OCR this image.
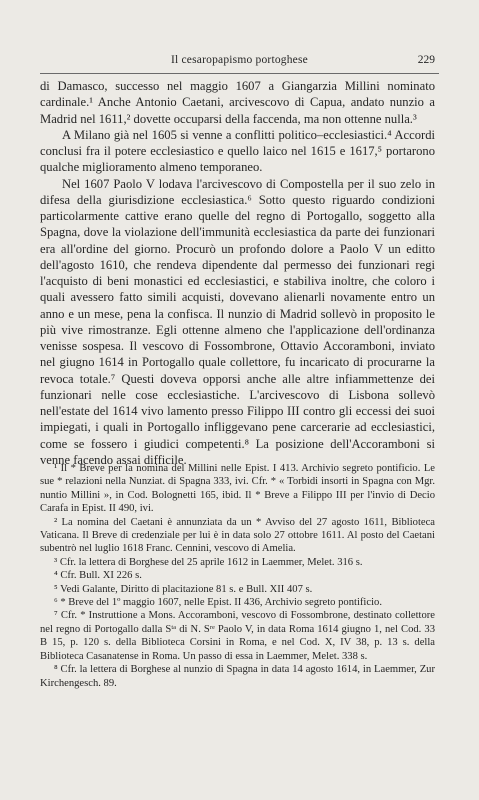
Il cesaropapismo portoghese	229

di Damasco, successo nel maggio 1607 a Giangarzia Millini nominato cardinale.¹ Anche Antonio Caetani, arcivescovo di Capua, andato nunzio a Madrid nel 1611,² dovette occuparsi della faccenda, ma non ottenne nulla.³

A Milano già nel 1605 si venne a conflitti politico–ecclesiastici.⁴ Accordi conclusi fra il potere ecclesiastico e quello laico nel 1615 e 1617,⁵ portarono qualche miglioramento almeno temporaneo.

Nel 1607 Paolo V lodava l'arcivescovo di Compostella per il suo zelo in difesa della giurisdizione ecclesiastica.⁶ Sotto questo riguardo condizioni particolarmente cattive erano quelle del regno di Portogallo, soggetto alla Spagna, dove la violazione dell'immunità ecclesiastica da parte dei funzionari era all'ordine del giorno. Procurò un profondo dolore a Paolo V un editto dell'agosto 1610, che rendeva dipendente dal permesso dei funzionari regi l'acquisto di beni monastici ed ecclesiastici, e stabiliva inoltre, che coloro i quali avessero fatto simili acquisti, dovevano alienarli novamente entro un anno e un mese, pena la confisca. Il nunzio di Madrid sollevò in proposito le più vive rimostranze. Egli ottenne almeno che l'applicazione dell'ordinanza venisse sospesa. Il vescovo di Fossombrone, Ottavio Accoramboni, inviato nel giugno 1614 in Portogallo quale collettore, fu incaricato di procurarne la revoca totale.⁷ Questi doveva opporsi anche alle altre infiammettenze dei funzionari nelle cose ecclesiastiche. L'arcivescovo di Lisbona sollevò nell'estate del 1614 vivo lamento presso Filippo III contro gli eccessi dei suoi impiegati, i quali in Portogallo infliggevano pene carcerarie ad ecclesiastici, come se fossero i giudici competenti.⁸ La posizione dell'Accoramboni si venne facendo assai difficile.

¹ Il * Breve per la nomina del Millini nelle Epist. I 413. Archivio segreto pontificio. Le sue * relazioni nella Nunziat. di Spagna 333, ivi. Cfr. * « Torbidi insorti in Spagna con Mgr. nuntio Millini », in Cod. Bolognetti 165, ibid. Il * Breve a Filippo III per l'invio di Decio Carafa in Epist. II 490, ivi.

² La nomina del Caetani è annunziata da un * Avviso del 27 agosto 1611, Biblioteca Vaticana. Il Breve di credenziale per lui è in data solo 27 ottobre 1611. Al posto del Caetani subentrò nel luglio 1618 Franc. Cennini, vescovo di Amelia.

³ Cfr. la lettera di Borghese del 25 aprile 1612 in Laemmer, Melet. 316 s.

⁴ Cfr. Bull. XI 226 s.

⁵ Vedi Galante, Diritto di placitazione 81 s. e Bull. XII 407 s.

⁶ * Breve del 1º maggio 1607, nelle Epist. II 436, Archivio segreto pontificio.

⁷ Cfr. * Instruttione a Mons. Accoramboni, vescovo di Fossombrone, destinato collettore nel regno di Portogallo dalla Sᵗᵃ di N. Sʳᵉ Paolo V, in data Roma 1614 giugno 1, nel Cod. 33 B 15, p. 120 s. della Biblioteca Corsini in Roma, e nel Cod. X, IV 38, p. 13 s. della Biblioteca Casanatense in Roma. Un passo di essa in Laemmer, Melet. 338 s.

⁸ Cfr. la lettera di Borghese al nunzio di Spagna in data 14 agosto 1614, in Laemmer, Zur Kirchengesch. 89.
